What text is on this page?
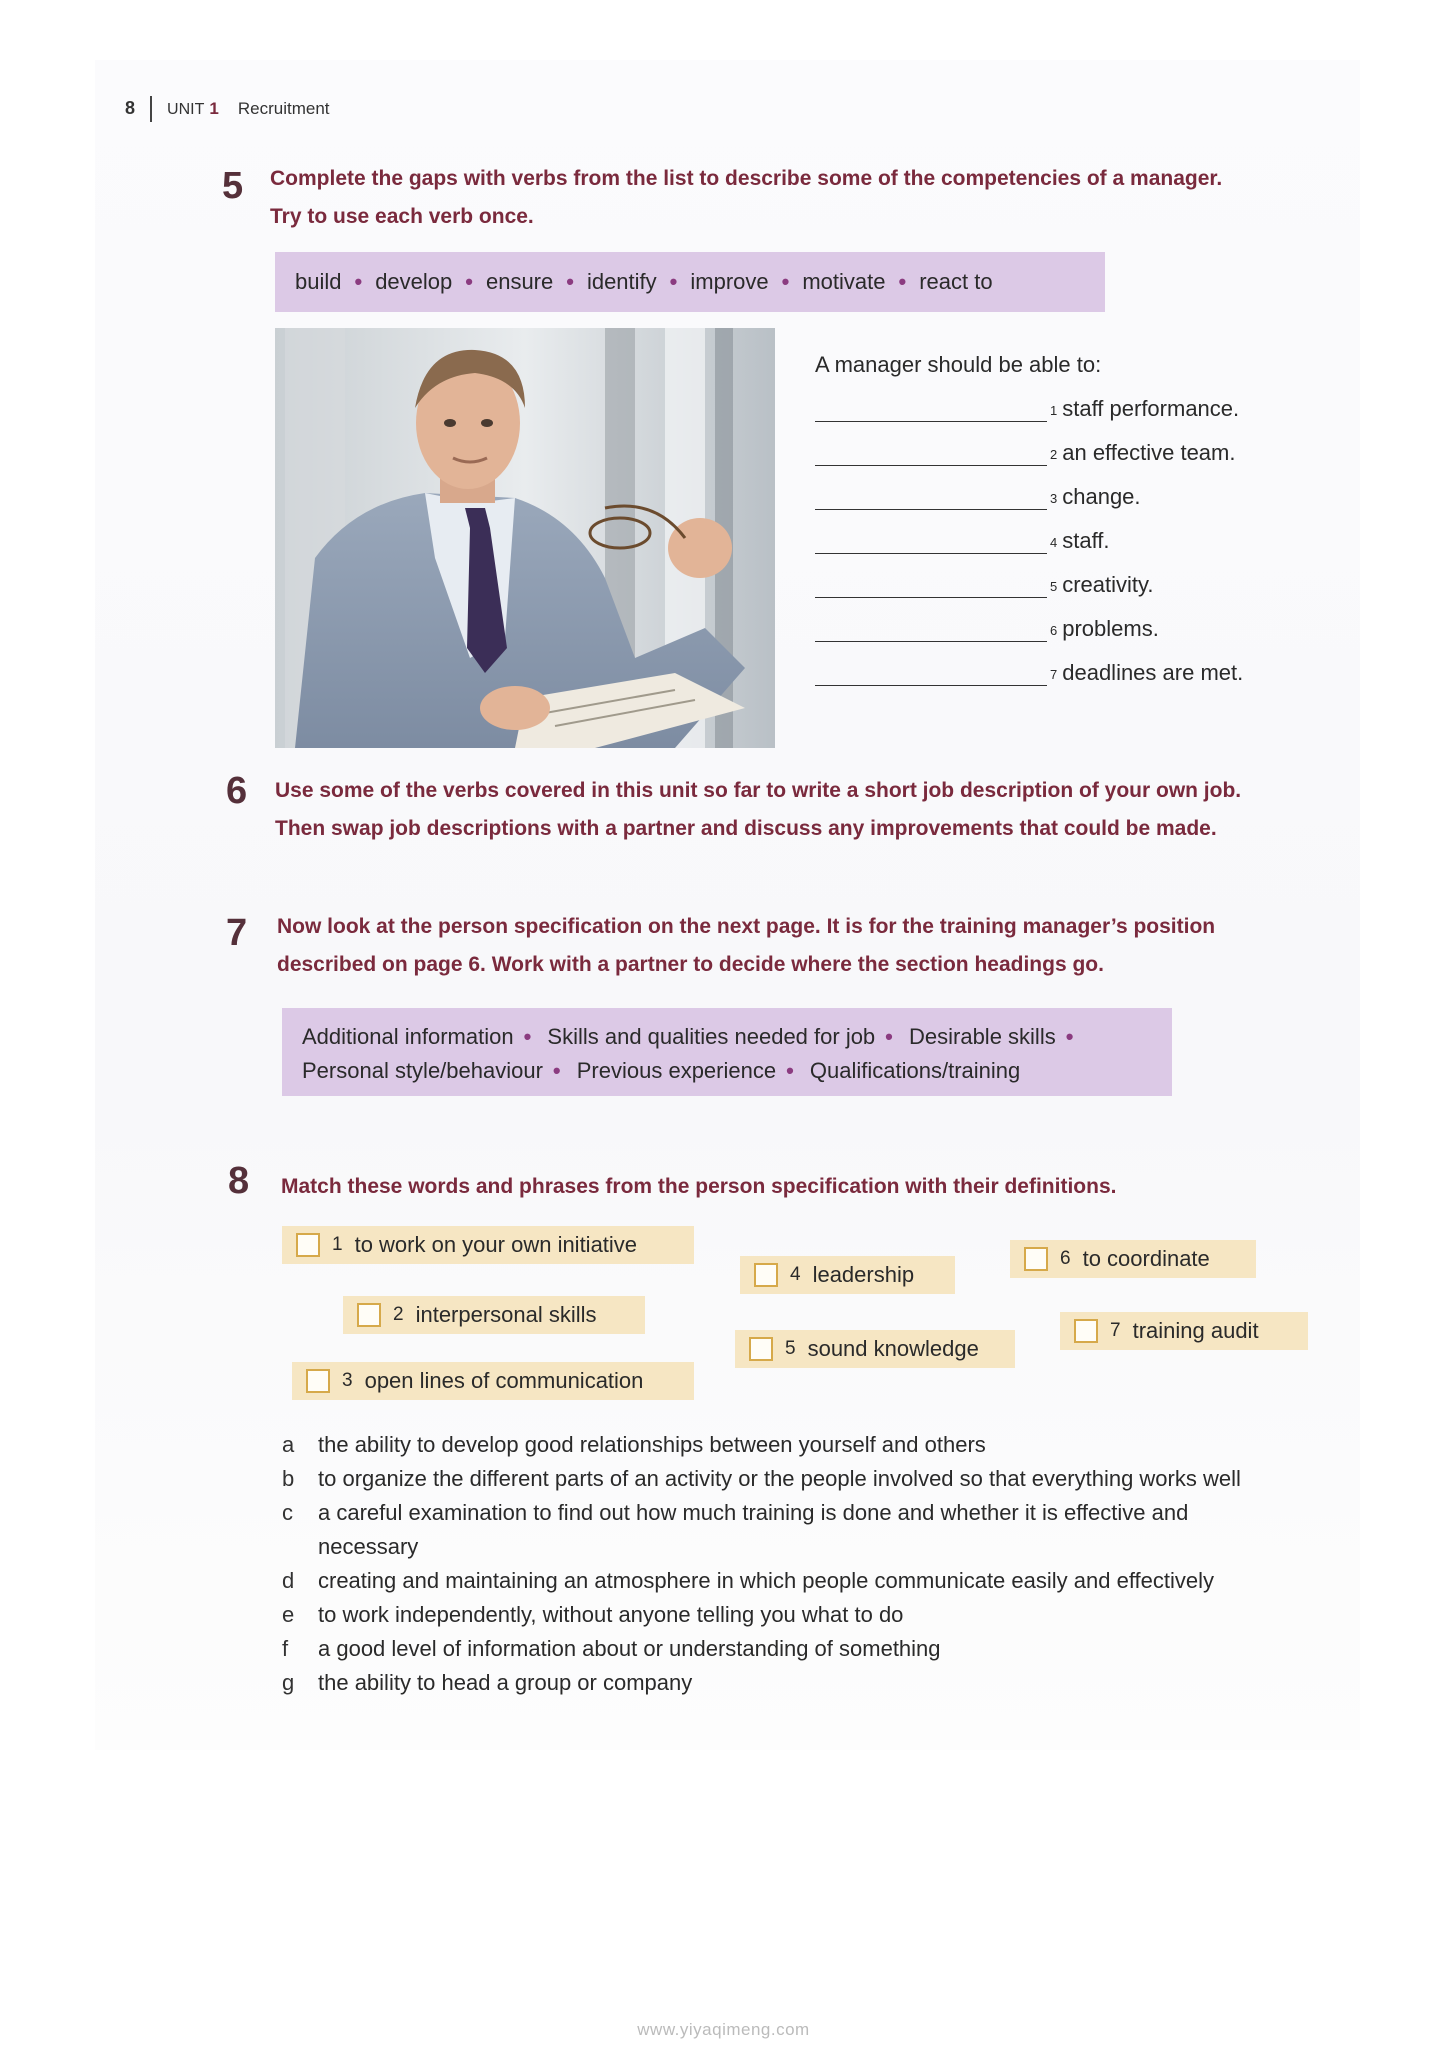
8 UNIT 1 Recruitment
5 Complete the gaps with verbs from the list to describe some of the competencies of a manager.
Try to use each verb once.
build • develop • ensure • identify • improve • motivate • react to
A manager should be able to:
$^1$ staff performance.
$^2$ an effective team.
$^3$ change.
$^4$ staff.
$^5$ creativity.
$^6$ problems.
$^7$ deadlines are met.
6 Use some of the verbs covered in this unit so far to write a short job description of your own job.
Then swap job descriptions with a partner and discuss any improvements that could be made.
7 Now look at the person specification on the next page. It is for the training manager’s position
described on page 6. Work with a partner to decide where the section headings go.
Additional information • Skills and qualities needed for job • Desirable skills •
Personal style/behaviour • Previous experience • Qualifications/training
8 Match these words and phrases from the person specification with their definitions.
1 to work on your own initiative
2 interpersonal skills
3 open lines of communication
4 leadership
5 sound knowledge
6 to coordinate
7 training audit
a	the ability to develop good relationships between yourself and others
b	to organize the different parts of an activity or the people involved so that everything works well
c	a careful examination to find out how much training is done and whether it is effective and necessary
d	creating and maintaining an atmosphere in which people communicate easily and effectively
e	to work independently, without anyone telling you what to do
f	a good level of information about or understanding of something
g	the ability to head a group or company
www.yiyaqimeng.com
